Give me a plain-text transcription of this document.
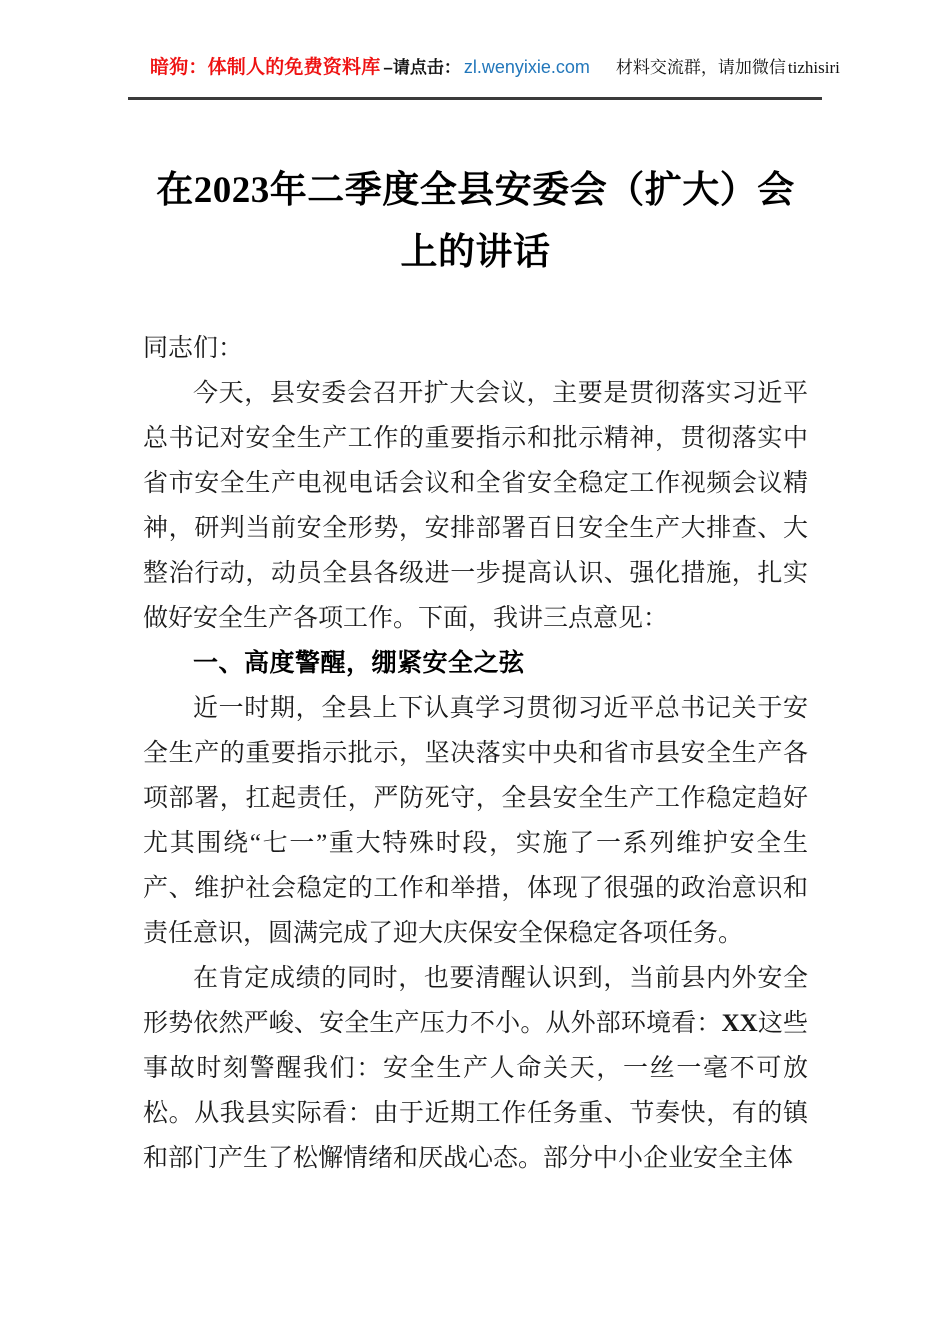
暗狗：体制人的免费资料库 –请点击： zl.wenyixie.com 材料交流群，请加微信 tizhisiri
在2023年二季度全县安委会（扩大）会上的讲话

同志们：

今天，县安委会召开扩大会议，主要是贯彻落实习近平总书记对安全生产工作的重要指示和批示精神，贯彻落实中省市安全生产电视电话会议和全省安全稳定工作视频会议精神，研判当前安全形势，安排部署百日安全生产大排查、大整治行动，动员全县各级进一步提高认识、强化措施，扎实做好安全生产各项工作。下面，我讲三点意见：

一、高度警醒，绷紧安全之弦

近一时期，全县上下认真学习贯彻习近平总书记关于安全生产的重要指示批示，坚决落实中央和省市县安全生产各项部署，扛起责任，严防死守，全县安全生产工作稳定趋好尤其围绕“七一”重大特殊时段，实施了一系列维护安全生产、维护社会稳定的工作和举措，体现了很强的政治意识和责任意识，圆满完成了迎大庆保安全保稳定各项任务。

在肯定成绩的同时，也要清醒认识到，当前县内外安全形势依然严峻、安全生产压力不小。从外部环境看：XX这些事故时刻警醒我们：安全生产人命关天，一丝一毫不可放松。从我县实际看：由于近期工作任务重、节奏快，有的镇和部门产生了松懈情绪和厌战心态。部分中小企业安全主体
